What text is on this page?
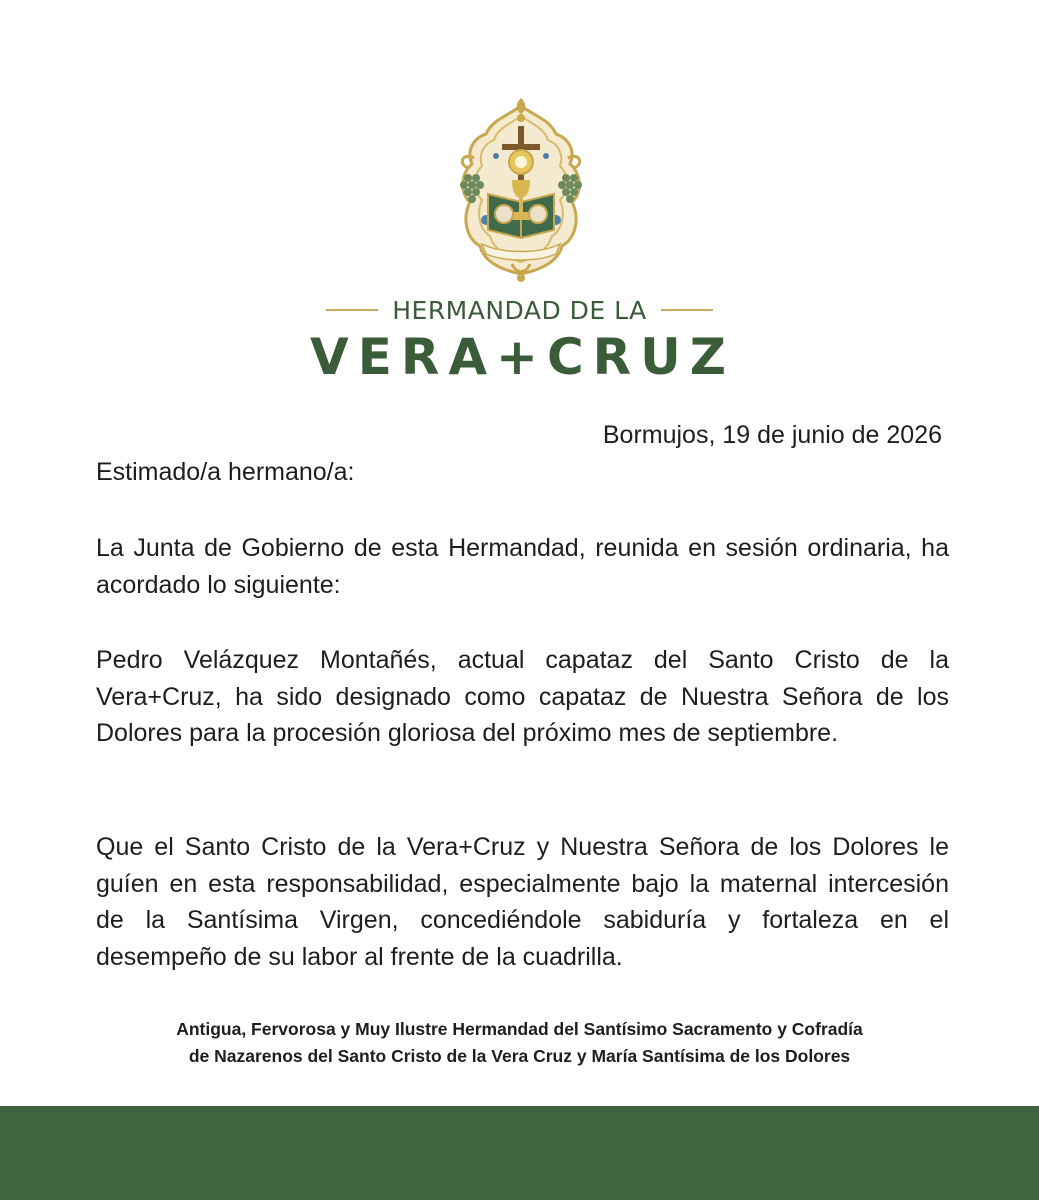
HERMANDAD DE LA
VERA+CRUZ
Bormujos, 19 de junio de 2026
Estimado/a hermano/a:
La Junta de Gobierno de esta Hermandad, reunida en sesión ordinaria, ha acordado lo siguiente:
Pedro Velázquez Montañés, actual capataz del Santo Cristo de la Vera+Cruz, ha sido designado como capataz de Nuestra Señora de los Dolores para la procesión gloriosa del próximo mes de septiembre.
Que el Santo Cristo de la Vera+Cruz y Nuestra Señora de los Dolores le guíen en esta responsabilidad, especialmente bajo la maternal intercesión de la Santísima Virgen, concediéndole sabiduría y fortaleza en el desempeño de su labor al frente de la cuadrilla.
Antigua, Fervorosa y Muy Ilustre Hermandad del Santísimo Sacramento y Cofradía
de Nazarenos del Santo Cristo de la Vera Cruz y María Santísima de los Dolores
